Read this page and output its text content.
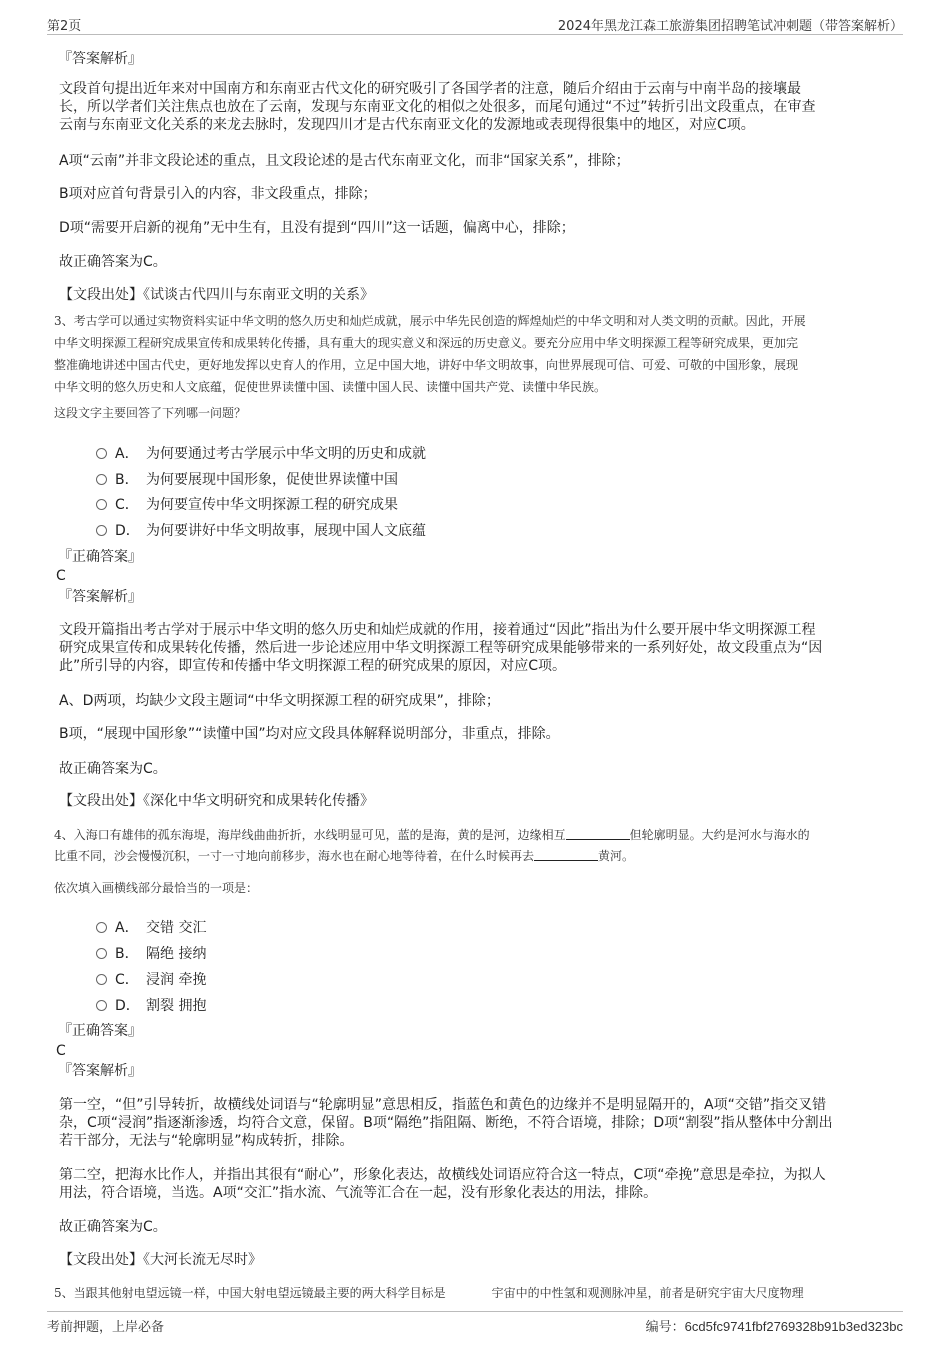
第2页	2024年黑龙江森工旅游集团招聘笔试冲刺题（带答案解析）
『答案解析』
文段首句提出近年来对中国南方和东南亚古代文化的研究吸引了各国学者的注意，随后介绍由于云南与中南半岛的接壤最
长，所以学者们关注焦点也放在了云南，发现与东南亚文化的相似之处很多，而尾句通过“不过”转折引出文段重点，在审查
云南与东南亚文化关系的来龙去脉时，发现四川才是古代东南亚文化的发源地或表现得很集中的地区，对应C项。
A项“云南”并非文段论述的重点，且文段论述的是古代东南亚文化，而非“国家关系”，排除；
B项对应首句背景引入的内容，非文段重点，排除；
D项“需要开启新的视角”无中生有，且没有提到“四川”这一话题，偏离中心，排除；
故正确答案为C。
【文段出处】《试谈古代四川与东南亚文明的关系》
3、考古学可以通过实物资料实证中华文明的悠久历史和灿烂成就，展示中华先民创造的辉煌灿烂的中华文明和对人类文明的贡献。因此，开展
中华文明探源工程研究成果宣传和成果转化传播，具有重大的现实意义和深远的历史意义。要充分应用中华文明探源工程等研究成果，更加完
整准确地讲述中国古代史，更好地发挥以史育人的作用，立足中国大地，讲好中华文明故事，向世界展现可信、可爱、可敬的中国形象，展现
中华文明的悠久历史和人文底蕴，促使世界读懂中国、读懂中国人民、读懂中国共产党、读懂中华民族。
这段文字主要回答了下列哪一问题？
A． 为何要通过考古学展示中华文明的历史和成就
B． 为何要展现中国形象，促使世界读懂中国
C． 为何要宣传中华文明探源工程的研究成果
D． 为何要讲好中华文明故事，展现中国人文底蕴
『正确答案』
C
『答案解析』
文段开篇指出考古学对于展示中华文明的悠久历史和灿烂成就的作用，接着通过“因此”指出为什么要开展中华文明探源工程
研究成果宣传和成果转化传播，然后进一步论述应用中华文明探源工程等研究成果能够带来的一系列好处，故文段重点为“因
此”所引导的内容，即宣传和传播中华文明探源工程的研究成果的原因，对应C项。
A、D两项，均缺少文段主题词“中华文明探源工程的研究成果”，排除；
B项，“展现中国形象”“读懂中国”均对应文段具体解释说明部分，非重点，排除。
故正确答案为C。
【文段出处】《深化中华文明研究和成果转化传播》
4、入海口有雄伟的孤东海堤，海岸线曲曲折折，水线明显可见，蓝的是海，黄的是河，边缘相互	但轮廓明显。大约是河水与海水的
比重不同，沙会慢慢沉积，一寸一寸地向前移步，海水也在耐心地等待着，在什么时候再去	黄河。
依次填入画横线部分最恰当的一项是：
A． 交错 交汇
B． 隔绝 接纳
C． 浸润 牵挽
D． 割裂 拥抱
『正确答案』
C
『答案解析』
第一空，“但”引导转折，故横线处词语与“轮廓明显”意思相反，指蓝色和黄色的边缘并不是明显隔开的，A项“交错”指交叉错
杂，C项“浸润”指逐渐渗透，均符合文意，保留。B项“隔绝”指阻隔、断绝，不符合语境，排除；D项“割裂”指从整体中分割出
若干部分，无法与“轮廓明显”构成转折，排除。
第二空，把海水比作人，并指出其很有“耐心”，形象化表达，故横线处词语应符合这一特点，C项“牵挽”意思是牵拉，为拟人
用法，符合语境，当选。A项“交汇”指水流、气流等汇合在一起，没有形象化表达的用法，排除。
故正确答案为C。
【文段出处】《大河长流无尽时》
5、当跟其他射电望远镜一样，中国大射电望远镜最主要的两大科学目标是	宇宙中的中性氢和观测脉冲星，前者是研究宇宙大尺度物理
考前押题，上岸必备	编号：6cd5fc9741fbf2769328b91b3ed323bc
